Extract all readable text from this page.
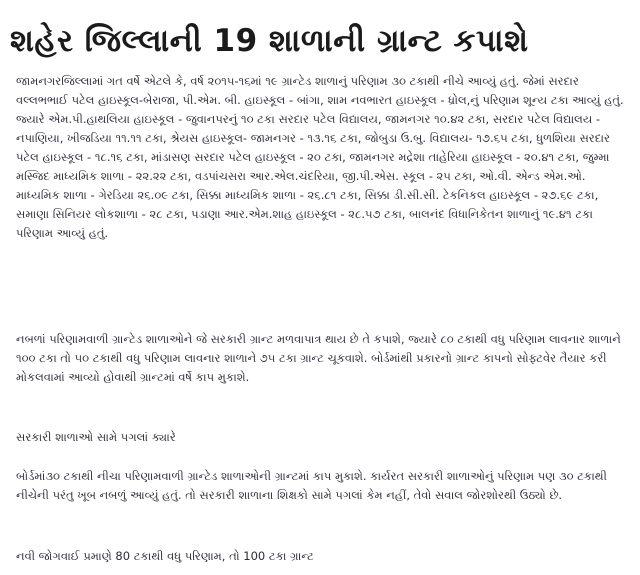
શહેર જિલ્લાની 19 શાળાની ગ્રાન્ટ કપાશે

જામનગરજિલ્લામાં ગત વર્ષે એટલે કે, વર્ષ ૨૦૧૫-૧૬માં ૧૯ ગ્રાન્ટેડ શાળાનું પરિણામ ૩૦ ટકાથી નીચે આવ્યું હતું. જેમાં સરદાર વલ્લભભાઈ પટેલ હાઇસ્કૂલ-બેરાજા, પી.એમ. બી. હાઇસ્કૂલ - બાંગા, શામ નવભારત હાઇસ્કૂલ - ધ્રોલ,નું પરિણામ શૂન્ય ટકા આવ્યું હતું. જ્યારે એમ.પી.હાથલિયા હાઇસ્કૂલ - જુવાનપરનું ૧૦ ટકા સરદાર પટેલ વિદ્યાલય, જામનગર ૧૦.૪૨ ટકા, સરદાર પટેલ વિદ્યાલય - નપાણિયા, ખીજડિયા ૧૧.૧૧ ટકા, શ્રેયસ હાઇસ્કૂલ- જામનગર - ૧૩.૧૬ ટકા, જોબુડા ઉ.બુ. વિદ્યાલય- ૧૭.૬૫ ટકા, ધુળશિયા સરદાર પટેલ હાઇસ્કૂલ - ૧૮.૧૬ ટકા, માંડાસણ સરદાર પટેલ હાઇસ્કૂલ - ૨૦ ટકા, જામનગર મદ્રેશા તાહેરિયા હાઇસ્કૂલ - ૨૦.૪૧ ટકા, જુમ્મા મસ્જિદ માધ્યમિક શાળા - ૨૨.૨૨ ટકા, વડપાંચસરા આર.એલ.ચંદરિયા, જી.પી.એસ. સ્કૂલ - ૨૫ ટકા, ઓ.વી. એન્ડ એમ.ઓ. માધ્યમિક શાળા - ગેરડિયા ૨૬.૦૯ ટકા, સિક્કા માધ્યમિક શાળા - ૨૬.૮૧ ટકા, સિક્કા ડી.સી.સી. ટેકનિકલ હાઇસ્કૂલ - ૨૭.૬૯ ટકા, સમાણા સિનિયર લોકશાળા - ૨૮ ટકા, પડાણા આર.એમ.શાહ હાઇસ્કૂલ - ૨૮.૫૭ ટકા, બાલનંદ વિધાનિકેતન શાળાનું ૧૯.૪૧ ટકા પરિણામ આવ્યું હતું.

નબળાં પરિણામવાળી ગ્રાન્ટેડ શાળાઓને જે સરકારી ગ્રાન્ટ મળવાપાત્ર થાય છે તે કપાશે, જ્યારે ૮૦ ટકાથી વધુ પરિણામ લાવનાર શાળાને ૧૦૦ ટકા તો ૫૦ ટકાથી વધુ પરિણામ લાવનાર શાળાને ૭૫ ટકા ગ્રાન્ટ ચૂકવાશે. બોર્ડમાંથી પ્રકારનો ગ્રાન્ટ કાપનો સોફ્ટવેર તૈયાર કરી મોકલવામાં આવ્યો હોવાથી ગ્રાન્ટમાં વર્ષે કાપ મુકાશે.

સરકારી શાળાઓ સામે પગલાં ક્યારે

બોર્ડમાં૩૦ ટકાથી નીચા પરિણામવાળી ગ્રાન્ટેડ શાળાઓની ગ્રાન્ટમાં કાપ મુકાશે. કાર્યરત સરકારી શાળાઓનું પરિણામ પણ ૩૦ ટકાથી નીચેની પરંતુ ખૂબ નબળું આવ્યું હતું. તો સરકારી શાળાના શિક્ષકો સામે પગલાં કેમ નહીં, તેવો સવાલ જોરશોરથી ઉઠ્યો છે.

નવી જોગવાઈ પ્રમાણે 80 ટકાથી વધુ પરિણામ, તો 100 ટકા ગ્રાન્ટ
